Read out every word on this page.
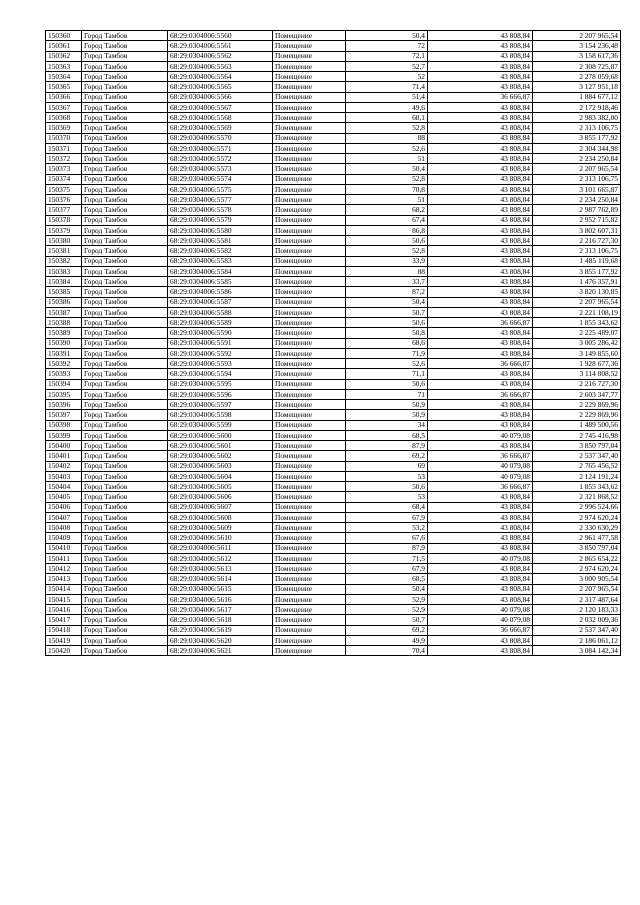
150360	Город Тамбов	68:29:0304006:5560	Помещение	50,4	43 808,84	2 207 965,54
150361	Город Тамбов	68:29:0304006:5561	Помещение	72	43 808,84	3 154 236,48
150362	Город Тамбов	68:29:0304006:5562	Помещение	72,1	43 808,84	3 158 617,36
150363	Город Тамбов	68:29:0304006:5563	Помещение	52,7	43 808,84	2 308 725,87
150364	Город Тамбов	68:29:0304006:5564	Помещение	52	43 808,84	2 278 059,68
150365	Город Тамбов	68:29:0304006:5565	Помещение	71,4	43 808,84	3 127 951,18
150366	Город Тамбов	68:29:0304006:5566	Помещение	51,4	36 666,87	1 884 677,12
150367	Город Тамбов	68:29:0304006:5567	Помещение	49,6	43 808,84	2 172 918,46
150368	Город Тамбов	68:29:0304006:5568	Помещение	68,1	43 808,84	2 983 382,00
150369	Город Тамбов	68:29:0304006:5569	Помещение	52,8	43 808,84	2 313 106,75
150370	Город Тамбов	68:29:0304006:5570	Помещение	88	43 808,84	3 855 177,92
150371	Город Тамбов	68:29:0304006:5571	Помещение	52,6	43 808,84	2 304 344,98
150372	Город Тамбов	68:29:0304006:5572	Помещение	51	43 808,84	2 234 250,84
150373	Город Тамбов	68:29:0304006:5573	Помещение	50,4	43 808,84	2 207 965,54
150374	Город Тамбов	68:29:0304006:5574	Помещение	52,8	43 808,84	2 313 106,75
150375	Город Тамбов	68:29:0304006:5575	Помещение	70,8	43 808,84	3 101 665,87
150376	Город Тамбов	68:29:0304006:5577	Помещение	51	43 808,84	2 234 250,84
150377	Город Тамбов	68:29:0304006:5578	Помещение	68,2	43 808,84	2 987 762,89
150378	Город Тамбов	68:29:0304006:5579	Помещение	67,4	43 808,84	2 952 715,82
150379	Город Тамбов	68:29:0304006:5580	Помещение	86,8	43 808,84	3 802 607,31
150380	Город Тамбов	68:29:0304006:5581	Помещение	50,6	43 808,84	2 216 727,30
150381	Город Тамбов	68:29:0304006:5582	Помещение	52,8	43 808,84	2 313 106,75
150382	Город Тамбов	68:29:0304006:5583	Помещение	33,9	43 808,84	1 485 119,68
150383	Город Тамбов	68:29:0304006:5584	Помещение	88	43 808,84	3 855 177,92
150384	Город Тамбов	68:29:0304006:5585	Помещение	33,7	43 808,84	1 476 357,91
150385	Город Тамбов	68:29:0304006:5586	Помещение	87,2	43 808,84	3 820 130,85
150386	Город Тамбов	68:29:0304006:5587	Помещение	50,4	43 808,84	2 207 965,54
150387	Город Тамбов	68:29:0304006:5588	Помещение	50,7	43 808,84	2 221 108,19
150388	Город Тамбов	68:29:0304006:5589	Помещение	50,6	36 666,87	1 855 343,62
150389	Город Тамбов	68:29:0304006:5590	Помещение	50,8	43 808,84	2 225 489,07
150390	Город Тамбов	68:29:0304006:5591	Помещение	68,6	43 808,84	3 005 286,42
150391	Город Тамбов	68:29:0304006:5592	Помещение	71,9	43 808,84	3 149 855,60
150392	Город Тамбов	68:29:0304006:5593	Помещение	52,6	36 666,87	1 928 677,36
150393	Город Тамбов	68:29:0304006:5594	Помещение	71,1	43 808,84	3 114 808,52
150394	Город Тамбов	68:29:0304006:5595	Помещение	50,6	43 808,84	2 216 727,30
150395	Город Тамбов	68:29:0304006:5596	Помещение	71	36 666,87	2 603 347,77
150396	Город Тамбов	68:29:0304006:5597	Помещение	50,9	43 808,84	2 229 869,96
150397	Город Тамбов	68:29:0304006:5598	Помещение	50,9	43 808,84	2 229 869,96
150398	Город Тамбов	68:29:0304006:5599	Помещение	34	43 808,84	1 489 500,56
150399	Город Тамбов	68:29:0304006:5600	Помещение	68,5	40 079,08	2 745 416,98
150400	Город Тамбов	68:29:0304006:5601	Помещение	87,9	43 808,84	3 850 797,04
150401	Город Тамбов	68:29:0304006:5602	Помещение	69,2	36 666,87	2 537 347,40
150402	Город Тамбов	68:29:0304006:5603	Помещение	69	40 079,08	2 765 456,52
150403	Город Тамбов	68:29:0304006:5604	Помещение	53	40 079,08	2 124 191,24
150404	Город Тамбов	68:29:0304006:5605	Помещение	50,6	36 666,87	1 855 343,62
150405	Город Тамбов	68:29:0304006:5606	Помещение	53	43 808,84	2 321 868,52
150406	Город Тамбов	68:29:0304006:5607	Помещение	68,4	43 808,84	2 996 524,66
150407	Город Тамбов	68:29:0304006:5608	Помещение	67,9	43 808,84	2 974 620,24
150408	Город Тамбов	68:29:0304006:5609	Помещение	53,2	43 808,84	2 330 630,29
150409	Город Тамбов	68:29:0304006:5610	Помещение	67,6	43 808,84	2 961 477,58
150410	Город Тамбов	68:29:0304006:5611	Помещение	87,9	43 808,84	3 850 797,04
150411	Город Тамбов	68:29:0304006:5612	Помещение	71,5	40 079,08	2 865 654,22
150412	Город Тамбов	68:29:0304006:5613	Помещение	67,9	43 808,84	2 974 620,24
150413	Город Тамбов	68:29:0304006:5614	Помещение	68,5	43 808,84	3 000 905,54
150414	Город Тамбов	68:29:0304006:5615	Помещение	50,4	43 808,84	2 207 965,54
150415	Город Тамбов	68:29:0304006:5616	Помещение	52,9	43 808,84	2 317 487,64
150416	Город Тамбов	68:29:0304006:5617	Помещение	52,9	40 079,08	2 120 183,33
150417	Город Тамбов	68:29:0304006:5618	Помещение	50,7	40 079,08	2 032 009,36
150418	Город Тамбов	68:29:0304006:5619	Помещение	69,2	36 666,87	2 537 347,40
150419	Город Тамбов	68:29:0304006:5620	Помещение	49,9	43 808,84	2 186 061,12
150420	Город Тамбов	68:29:0304006:5621	Помещение	70,4	43 808,84	3 084 142,34
